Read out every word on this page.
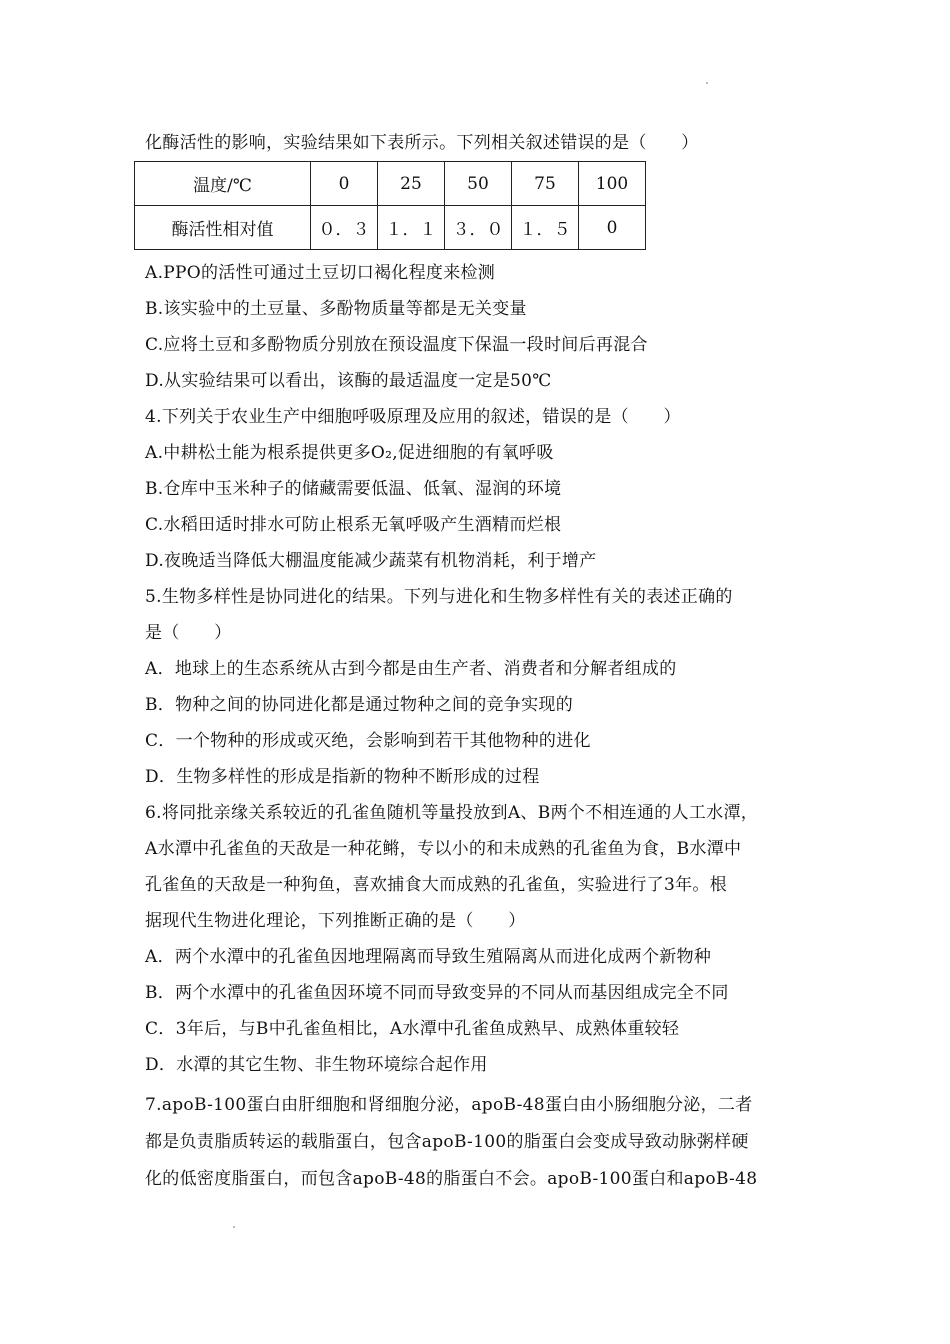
化酶活性的影响，实验结果如下表所示。下列相关叙述错误的是（　　）
温度/℃	0	25	50	75	100
酶活性相对值	０．３	１．１	３．０	１．５	0
A.PPO的活性可通过土豆切口褐化程度来检测
B.该实验中的土豆量、多酚物质量等都是无关变量
C.应将土豆和多酚物质分别放在预设温度下保温一段时间后再混合
D.从实验结果可以看出，该酶的最适温度一定是50℃
4.下列关于农业生产中细胞呼吸原理及应用的叙述，错误的是（　　）
A.中耕松土能为根系提供更多O₂,促进细胞的有氧呼吸
B.仓库中玉米种子的储藏需要低温、低氧、湿润的环境
C.水稻田适时排水可防止根系无氧呼吸产生酒精而烂根
D.夜晚适当降低大棚温度能减少蔬菜有机物消耗，利于增产
5.生物多样性是协同进化的结果。下列与进化和生物多样性有关的表述正确的
是（　　）
A．地球上的生态系统从古到今都是由生产者、消费者和分解者组成的
B．物种之间的协同进化都是通过物种之间的竞争实现的
C．一个物种的形成或灭绝，会影响到若干其他物种的进化
D．生物多样性的形成是指新的物种不断形成的过程
6.将同批亲缘关系较近的孔雀鱼随机等量投放到A、B两个不相连通的人工水潭，
A水潭中孔雀鱼的天敌是一种花鳉，专以小的和未成熟的孔雀鱼为食，B水潭中
孔雀鱼的天敌是一种狗鱼，喜欢捕食大而成熟的孔雀鱼，实验进行了3年。根
据现代生物进化理论，下列推断正确的是（　　）
A．两个水潭中的孔雀鱼因地理隔离而导致生殖隔离从而进化成两个新物种
B．两个水潭中的孔雀鱼因环境不同而导致变异的不同从而基因组成完全不同
C．3年后，与B中孔雀鱼相比，A水潭中孔雀鱼成熟早、成熟体重较轻
D．水潭的其它生物、非生物环境综合起作用
7.apoB-100蛋白由肝细胞和肾细胞分泌，apoB-48蛋白由小肠细胞分泌，二者
都是负责脂质转运的载脂蛋白，包含apoB-100的脂蛋白会变成导致动脉粥样硬
化的低密度脂蛋白，而包含apoB-48的脂蛋白不会。apoB-100蛋白和apoB-48
